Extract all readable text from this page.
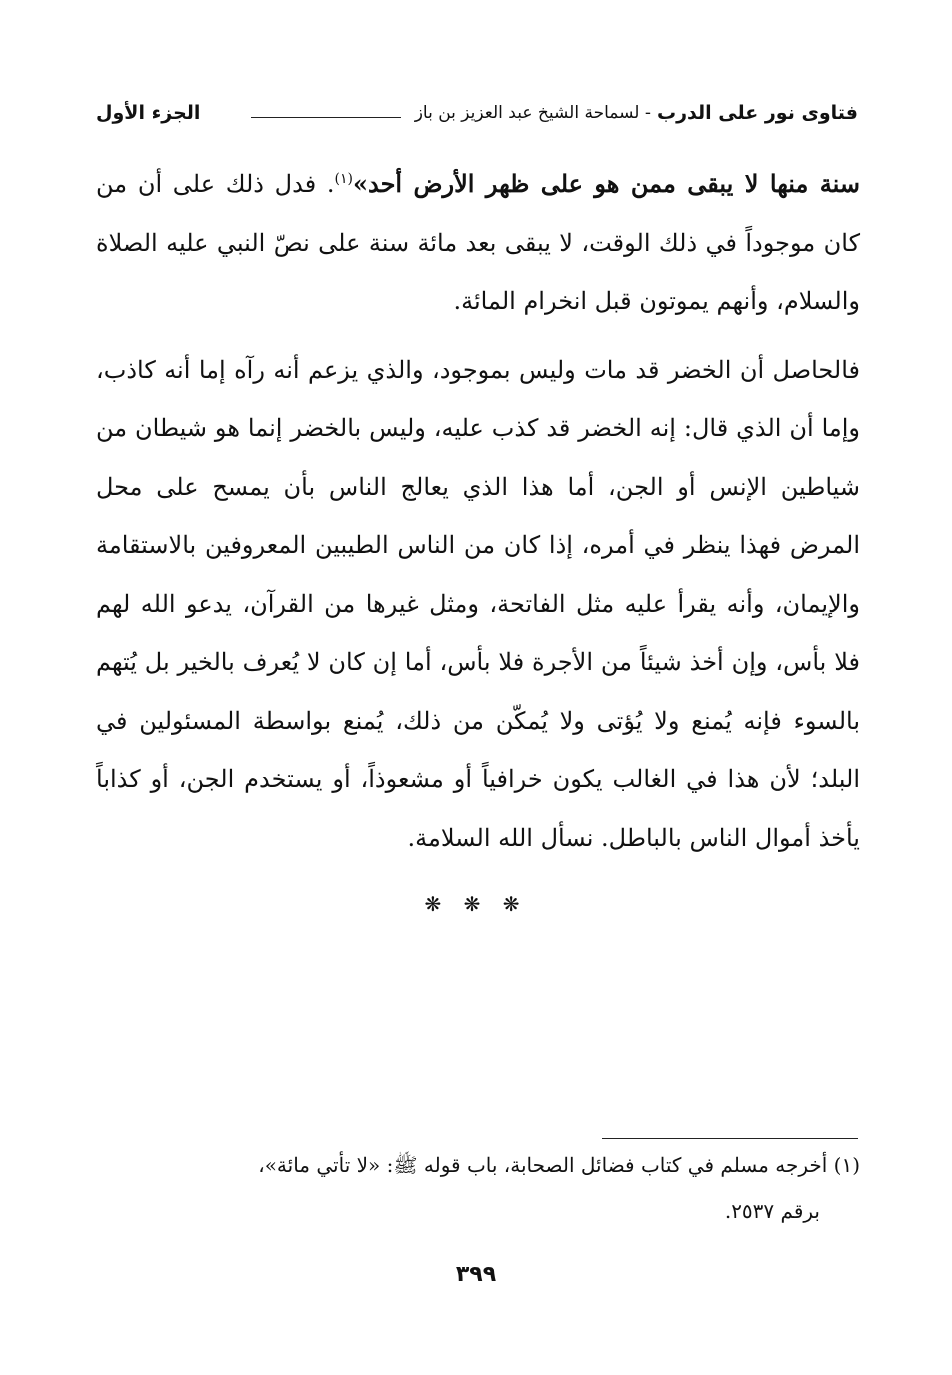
فتاوى نور على الدرب
- لسماحة الشيخ عبد العزيز بن باز
الجزء الأول

سنة منها لا يبقى ممن هو على ظهر الأرض أحد»$^{(١)}$. فدل ذلك على أن من كان موجوداً في ذلك الوقت، لا يبقى بعد مائة سنة على نصّ النبي عليه الصلاة والسلام، وأنهم يموتون قبل انخرام المائة.

فالحاصل أن الخضر قد مات وليس بموجود، والذي يزعم أنه رآه إما أنه كاذب، وإما أن الذي قال: إنه الخضر قد كذب عليه، وليس بالخضر إنما هو شيطان من شياطين الإنس أو الجن، أما هذا الذي يعالج الناس بأن يمسح على محل المرض فهذا ينظر في أمره، إذا كان من الناس الطيبين المعروفين بالاستقامة والإيمان، وأنه يقرأ عليه مثل الفاتحة، ومثل غيرها من القرآن، يدعو الله لهم فلا بأس، وإن أخذ شيئاً من الأجرة فلا بأس، أما إن كان لا يُعرف بالخير بل يُتهم بالسوء فإنه يُمنع ولا يُؤتى ولا يُمكّن من ذلك، يُمنع بواسطة المسئولين في البلد؛ لأن هذا في الغالب يكون خرافياً أو مشعوذاً، أو يستخدم الجن، أو كذاباً يأخذ أموال الناس بالباطل. نسأل الله السلامة.

❋ ❋ ❋
(١) أخرجه مسلم في كتاب فضائل الصحابة، باب قوله ﷺ: «لا تأتي مائة»،
برقم ٢٥٣٧.
٣٩٩
